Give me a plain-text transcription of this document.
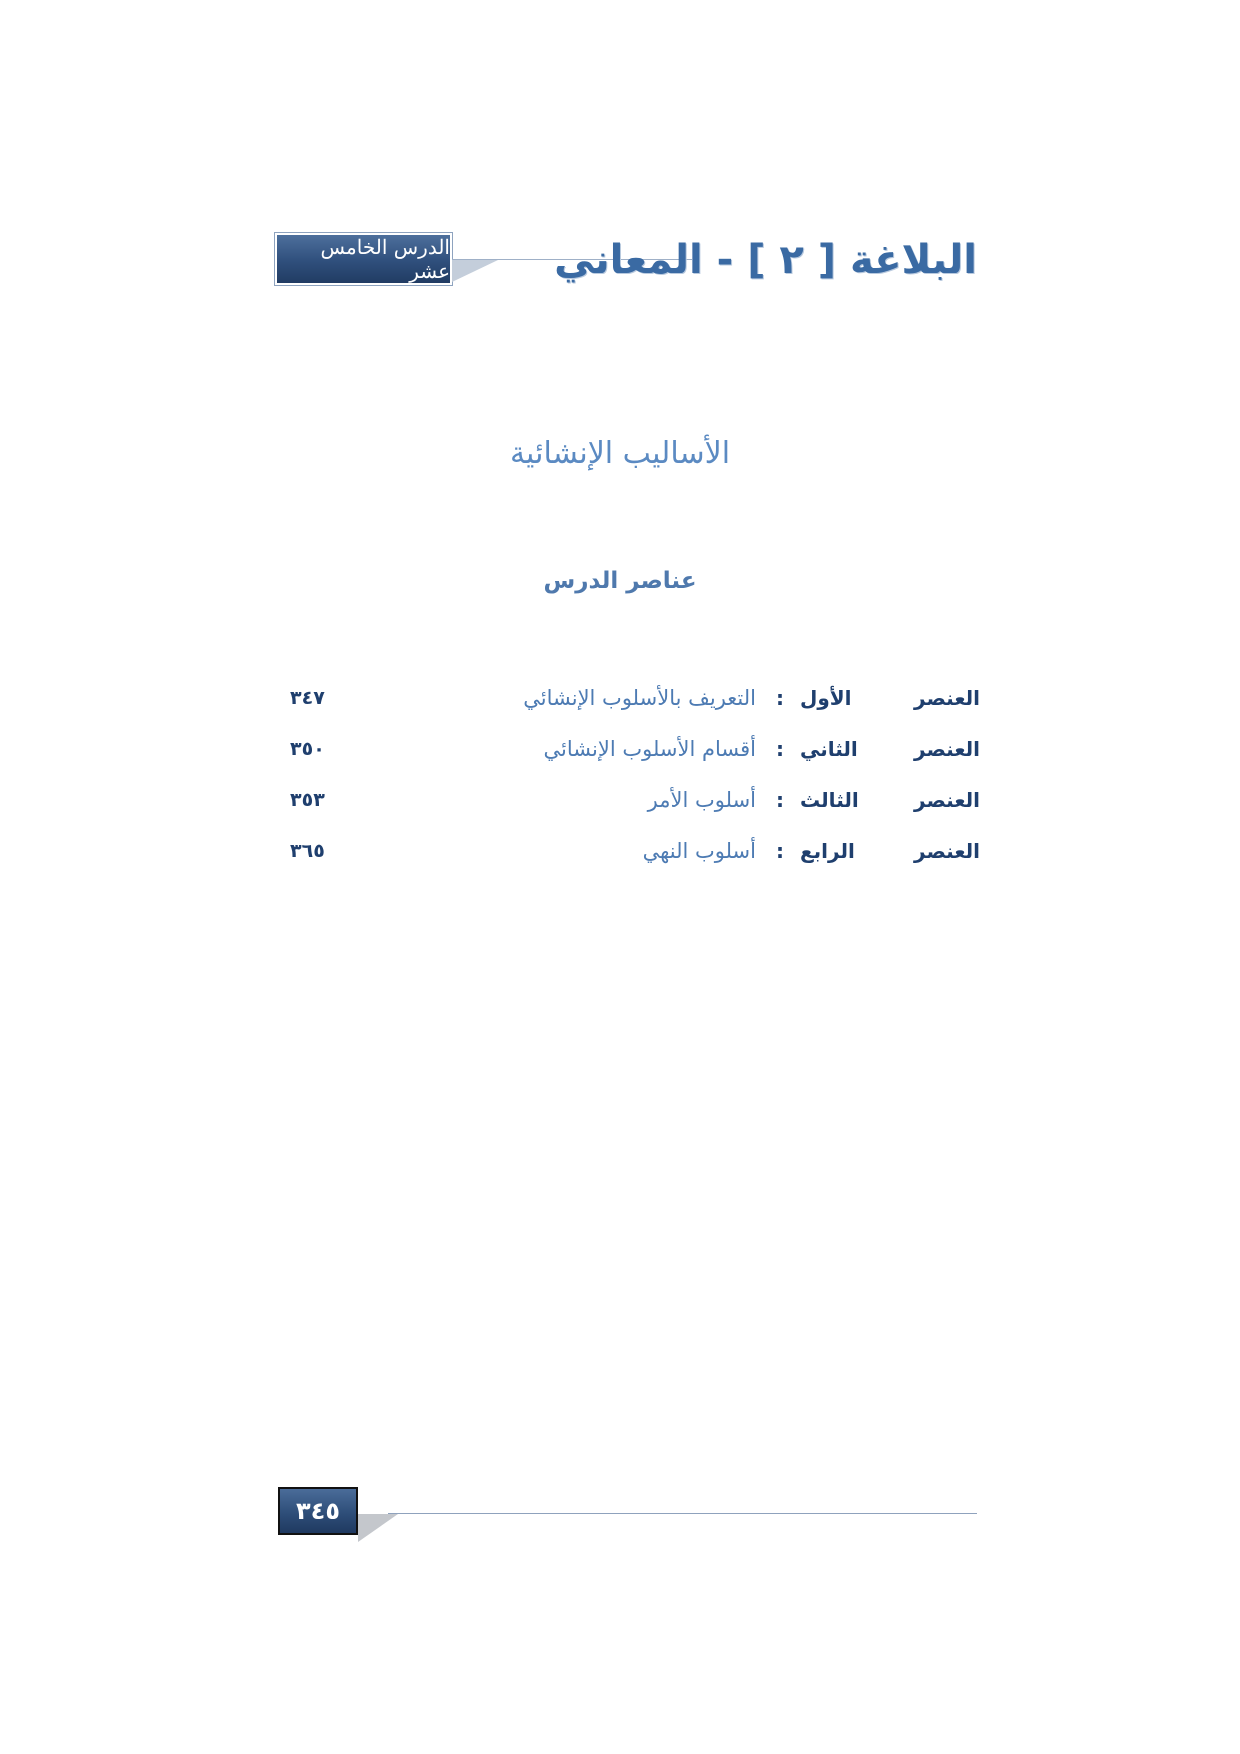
الدرس الخامس عشر	البلاغة [ ٢ ] - المعاني
الأساليب الإنشائية
عناصر الدرس
العنصر الأول
:
التعريف بالأسلوب الإنشائي
٣٤٧
العنصر الثاني
:
أقسام الأسلوب الإنشائي
٣٥٠
العنصر الثالث
:
أسلوب الأمر
٣٥٣
العنصر الرابع
:
أسلوب النهي
٣٦٥
٣٤٥
